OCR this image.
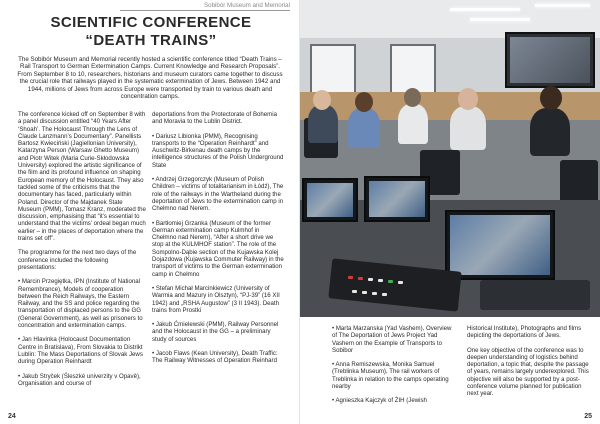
Sobibór Museum and Memorial
SCIENTIFIC CONFERENCE
“DEATH TRAINS”

The Sobibór Museum and Memorial recently hosted a scientific conference titled “Death Trains – Rail Transport to German Extermination Camps. Current Knowledge and Research Proposals”. From September 8 to 10, researchers, historians and museum curators came together to discuss the crucial role that railways played in the systematic extermination of Jews. Between 1942 and 1944, millions of Jews from across Europe were transported by train to various death and concentration camps.

The conference kicked off on September 8 with a panel discussion entitled “40 Years After ‘Shoah’. The Holocaust Through the Lens of Claude Lanzmann’s Documentary”. Panellists Bartosz Kwieciński (Jagiellonian University), Katarzyna Person (Warsaw Ghetto Museum) and Piotr Witek (Maria Curie-Skłodowska University) explored the artistic significance of the film and its profound influence on shaping European memory of the Holocaust. They also tackled some of the criticisms that the documentary has faced, particularly within Poland. Director of the Majdanek State Museum (PMM), Tomasz Kranz, moderated the discussion, emphasising that “it’s essential to understand that the victims’ ordeal began much earlier – in the places of deportation where the trains set off”.

The programme for the next two days of the conference included the following presentations:

• Marcin Przegiętka, IPN (Institute of National Remembrance), Models of cooperation between the Reich Railways, the Eastern Railway, and the SS and police regarding the transportation of displaced persons to the GG (General Government), as well as prisoners to concentration and extermination camps.

• Jan Hlavinka (Holocaust Documentation Centre in Bratislava), From Slovakia to Distrikt Lublin: The Mass Deportations of Slovak Jews during Operation Reinhardt

• Jakub Stryček (Śleszké univerzity v Opavě), Organisation and course of

deportations from the Protectorate of Bohemia and Moravia to the Lublin District.

• Dariusz Libionka (PMM), Recognising transports to the “Operation Reinhardt” and Auschwitz-Birkenau death camps by the intelligence structures of the Polish Underground State

• Andrzej Grzegorczyk (Museum of Polish Children – victims of totalitarianism in Łódź), The role of the railways in the Wartheland during the deportation of Jews to the extermination camp in Chełmno nad Nerem.

• Bartłomiej Grzanka (Museum of the former German extermination camp Kulmhof in Chełmno nad Nerem), “After a short drive we stop at the KULMHOF station”. The role of the Sompolno-Dąbie section of the Kujawska Kolej Dojazdowa (Kujawska Commuter Railway) in the transport of victims to the German extermination camp in Chełmno

• Stefan Michał Marcinkiewicz (University of Warmia and Mazury in Olsztyn), “PJ-39” (16 XII 1942) and „RSHA Augustow” (3 II 1943). Death trains from Prostki

• Jakub Ćmielewski (PMM), Railway Personnel and the Holocaust in the GG – a preliminary study of sources

• Jacob Flaws (Kean University), Death Traffic: The Railway Witnesses of Operation Reinhard

24

• Marta Marzanska (Yad Vashem), Overview of The Deportation of Jews Project Yad Vashem on the Example of Transports to Sobibor

• Anna Remiszewska, Monika Samuel (Treblinka Museum), The rail workers of Treblinka in relation to the camps operating nearby

• Agnieszka Kajczyk of ŻIH (Jewish

Historical Institute), Photographs and films depicting the deportations of Jews.

One key objective of the conference was to deepen understanding of logistics behind deportation, a topic that, despite the passage of years, remains largely underexplored. This objective will also be supported by a post-conference volume planned for publication next year.

25
